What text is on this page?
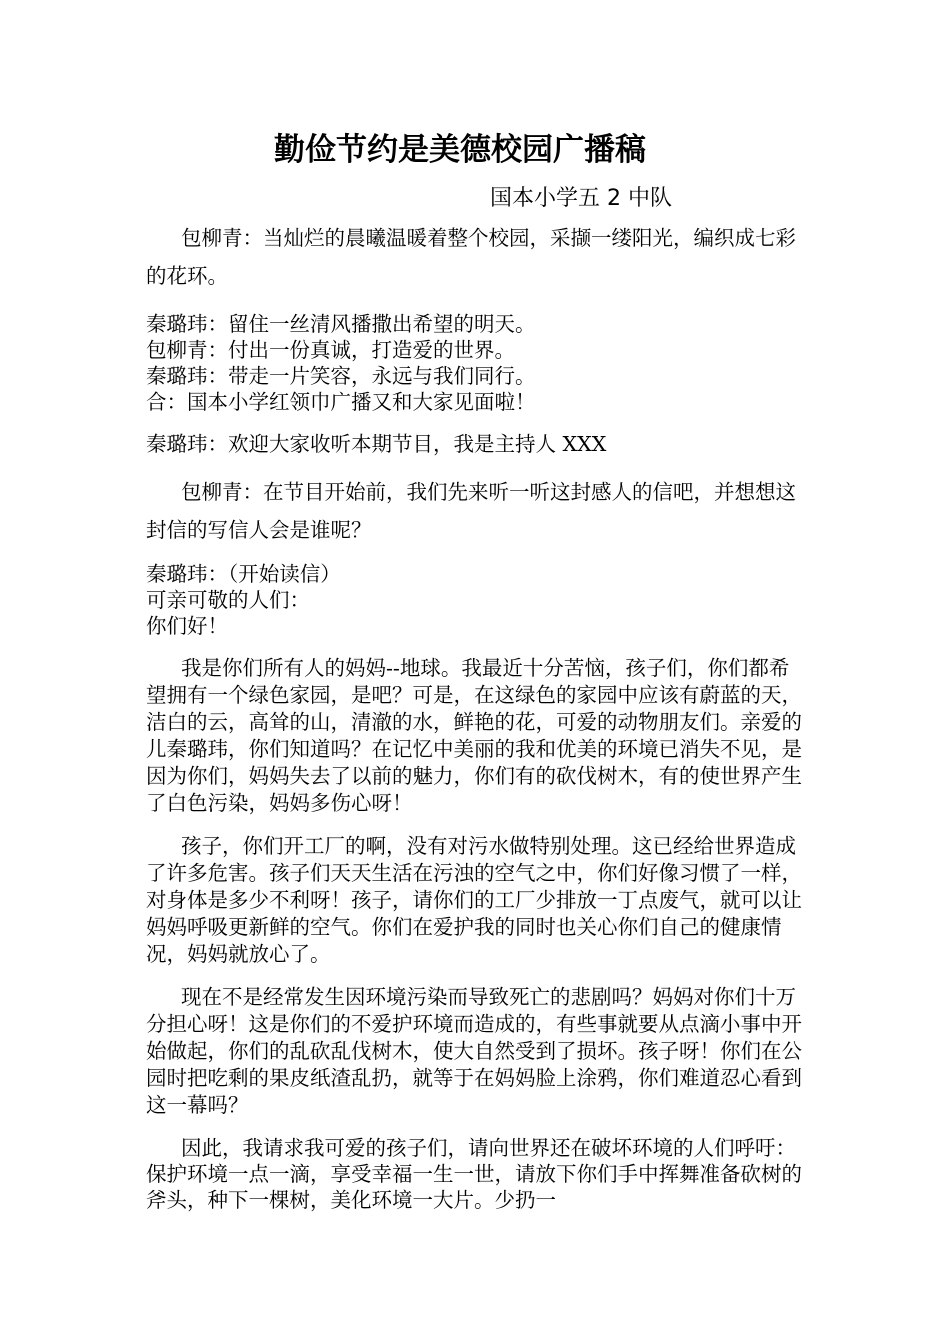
勤俭节约是美德校园广播稿
国本小学五 2 中队

包柳青：当灿烂的晨曦温暖着整个校园，采撷一缕阳光，编织成七彩的花环。

秦璐玮：留住一丝清风播撒出希望的明天。

包柳青：付出一份真诚，打造爱的世界。

秦璐玮：带走一片笑容，永远与我们同行。

合：国本小学红领巾广播又和大家见面啦！

秦璐玮：欢迎大家收听本期节目，我是主持人 XXX

包柳青：在节目开始前，我们先来听一听这封感人的信吧，并想想这封信的写信人会是谁呢？

秦璐玮：（开始读信）

可亲可敬的人们：

你们好！

我是你们所有人的妈妈--地球。我最近十分苦恼，孩子们，你们都希望拥有一个绿色家园，是吧？可是，在这绿色的家园中应该有蔚蓝的天，洁白的云，高耸的山，清澈的水，鲜艳的花，可爱的动物朋友们。亲爱的儿秦璐玮，你们知道吗？在记忆中美丽的我和优美的环境已消失不见，是因为你们，妈妈失去了以前的魅力，你们有的砍伐树木，有的使世界产生了白色污染，妈妈多伤心呀！

孩子，你们开工厂的啊，没有对污水做特别处理。这已经给世界造成了许多危害。孩子们天天生活在污浊的空气之中，你们好像习惯了一样，对身体是多少不利呀！孩子，请你们的工厂少排放一丁点废气，就可以让妈妈呼吸更新鲜的空气。你们在爱护我的同时也关心你们自己的健康情况，妈妈就放心了。

现在不是经常发生因环境污染而导致死亡的悲剧吗？妈妈对你们十万分担心呀！这是你们的不爱护环境而造成的，有些事就要从点滴小事中开始做起，你们的乱砍乱伐树木，使大自然受到了损坏。孩子呀！你们在公园时把吃剩的果皮纸渣乱扔，就等于在妈妈脸上涂鸦，你们难道忍心看到这一幕吗？

因此，我请求我可爱的孩子们，请向世界还在破坏环境的人们呼吁：保护环境一点一滴，享受幸福一生一世，请放下你们手中挥舞准备砍树的斧头，种下一棵树，美化环境一大片。少扔一
